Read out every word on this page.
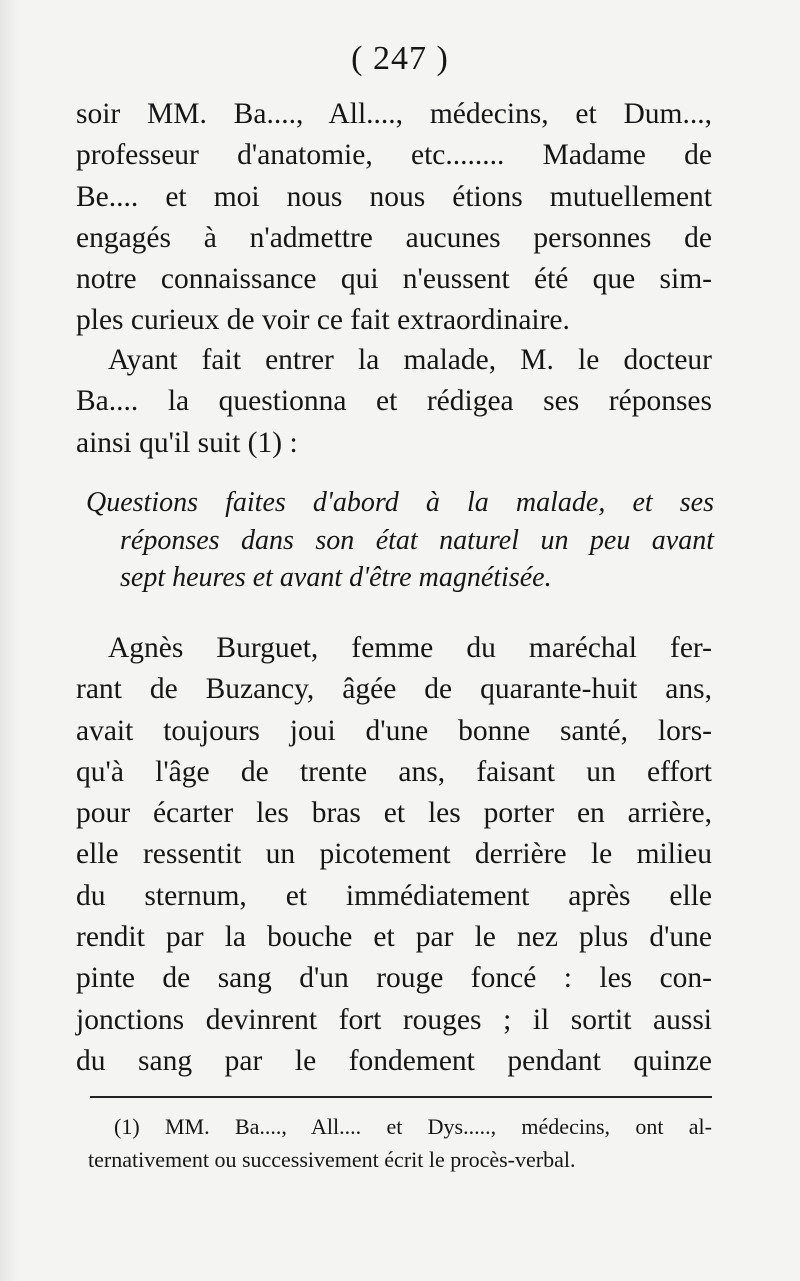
( 247 )
soir MM. Ba...., All...., médecins, et Dum...,
professeur d'anatomie, etc........ Madame de
Be.... et moi nous nous étions mutuellement
engagés à n'admettre aucunes personnes de
notre connaissance qui n'eussent été que sim-
ples curieux de voir ce fait extraordinaire.
Ayant fait entrer la malade, M. le docteur
Ba.... la questionna et rédigea ses réponses
ainsi qu'il suit (1) :
Questions faites d'abord à la malade, et ses
réponses dans son état naturel un peu avant
sept heures et avant d'être magnétisée.
Agnès Burguet, femme du maréchal fer-
rant de Buzancy, âgée de quarante-huit ans,
avait toujours joui d'une bonne santé, lors-
qu'à l'âge de trente ans, faisant un effort
pour écarter les bras et les porter en arrière,
elle ressentit un picotement derrière le milieu
du sternum, et immédiatement après elle
rendit par la bouche et par le nez plus d'une
pinte de sang d'un rouge foncé : les con-
jonctions devinrent fort rouges ; il sortit aussi
du sang par le fondement pendant quinze
(1) MM. Ba...., All.... et Dys....., médecins, ont al-
ternativement ou successivement écrit le procès-verbal.
